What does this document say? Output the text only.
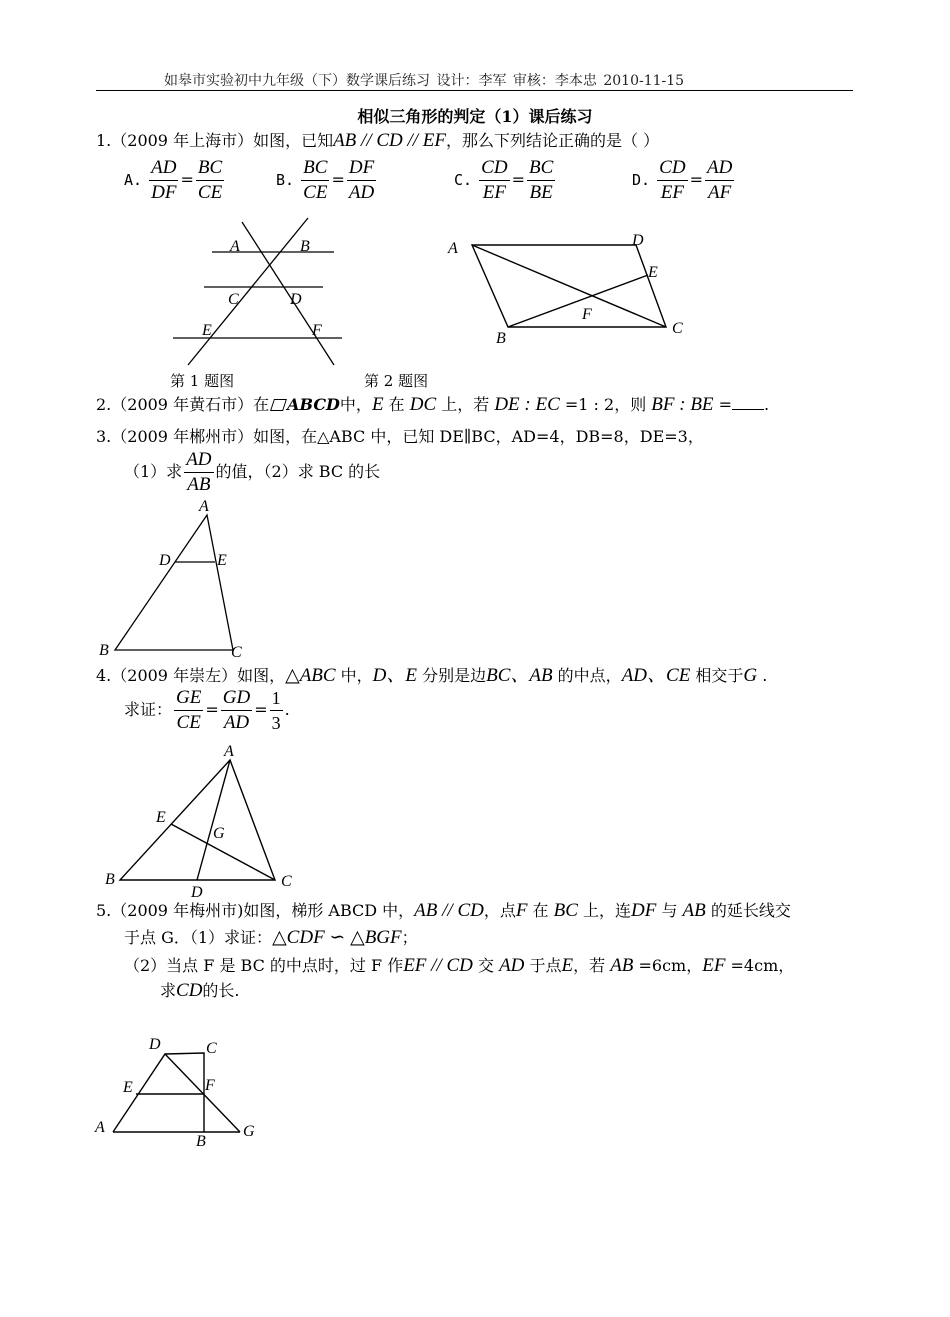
如皋市实验初中九年级（下）数学课后练习 设计：李军 审核：李本忠 2010-11-15
相似三角形的判定（1）课后练习
1.（2009 年上海市）如图，已知AB // CD // EF，那么下列结论正确的是（ ）
A. $\frac{AD}{DF} = \frac{BC}{CE}$	B. $\frac{BC}{CE} = \frac{DF}{AD}$	C. $\frac{CD}{EF} = \frac{BC}{BE}$	D. $\frac{CD}{EF} = \frac{AD}{AF}$
A	B
C	D
E	F
第 1 题图
A	D
E
F
B
C
第 2 题图
2.（2009 年黄石市）在 ABCD中，E 在 DC 上，若 DE : EC =1 : 2，则 BF : BE = .
3.（2009 年郴州市）如图，在△ABC 中，已知 DE∥BC，AD=4，DB=8，DE=3，
（1）求 $\frac{AD}{AB}$ 的值，（2）求 BC 的长
A
D	E
B	C
4.（2009 年崇左）如图，△ABC 中，D、E 分别是边BC、AB 的中点，AD、CE 相交于G .
求证： $\frac{GE}{CE} = \frac{GD}{AD} = \frac{1}{3}$ .
A
E
G
B
D
C
5.（2009 年梅州市)如图，梯形 ABCD 中，AB // CD，点F 在 BC 上，连DF 与 AB 的延长线交
于点 G．（1）求证：△CDF ∽ △BGF；
（2）当点 F 是 BC 的中点时，过 F 作EF // CD 交 AD 于点E，若 AB =6cm，EF =4cm，
求CD的长.
D	C
E	F
A
B
G
